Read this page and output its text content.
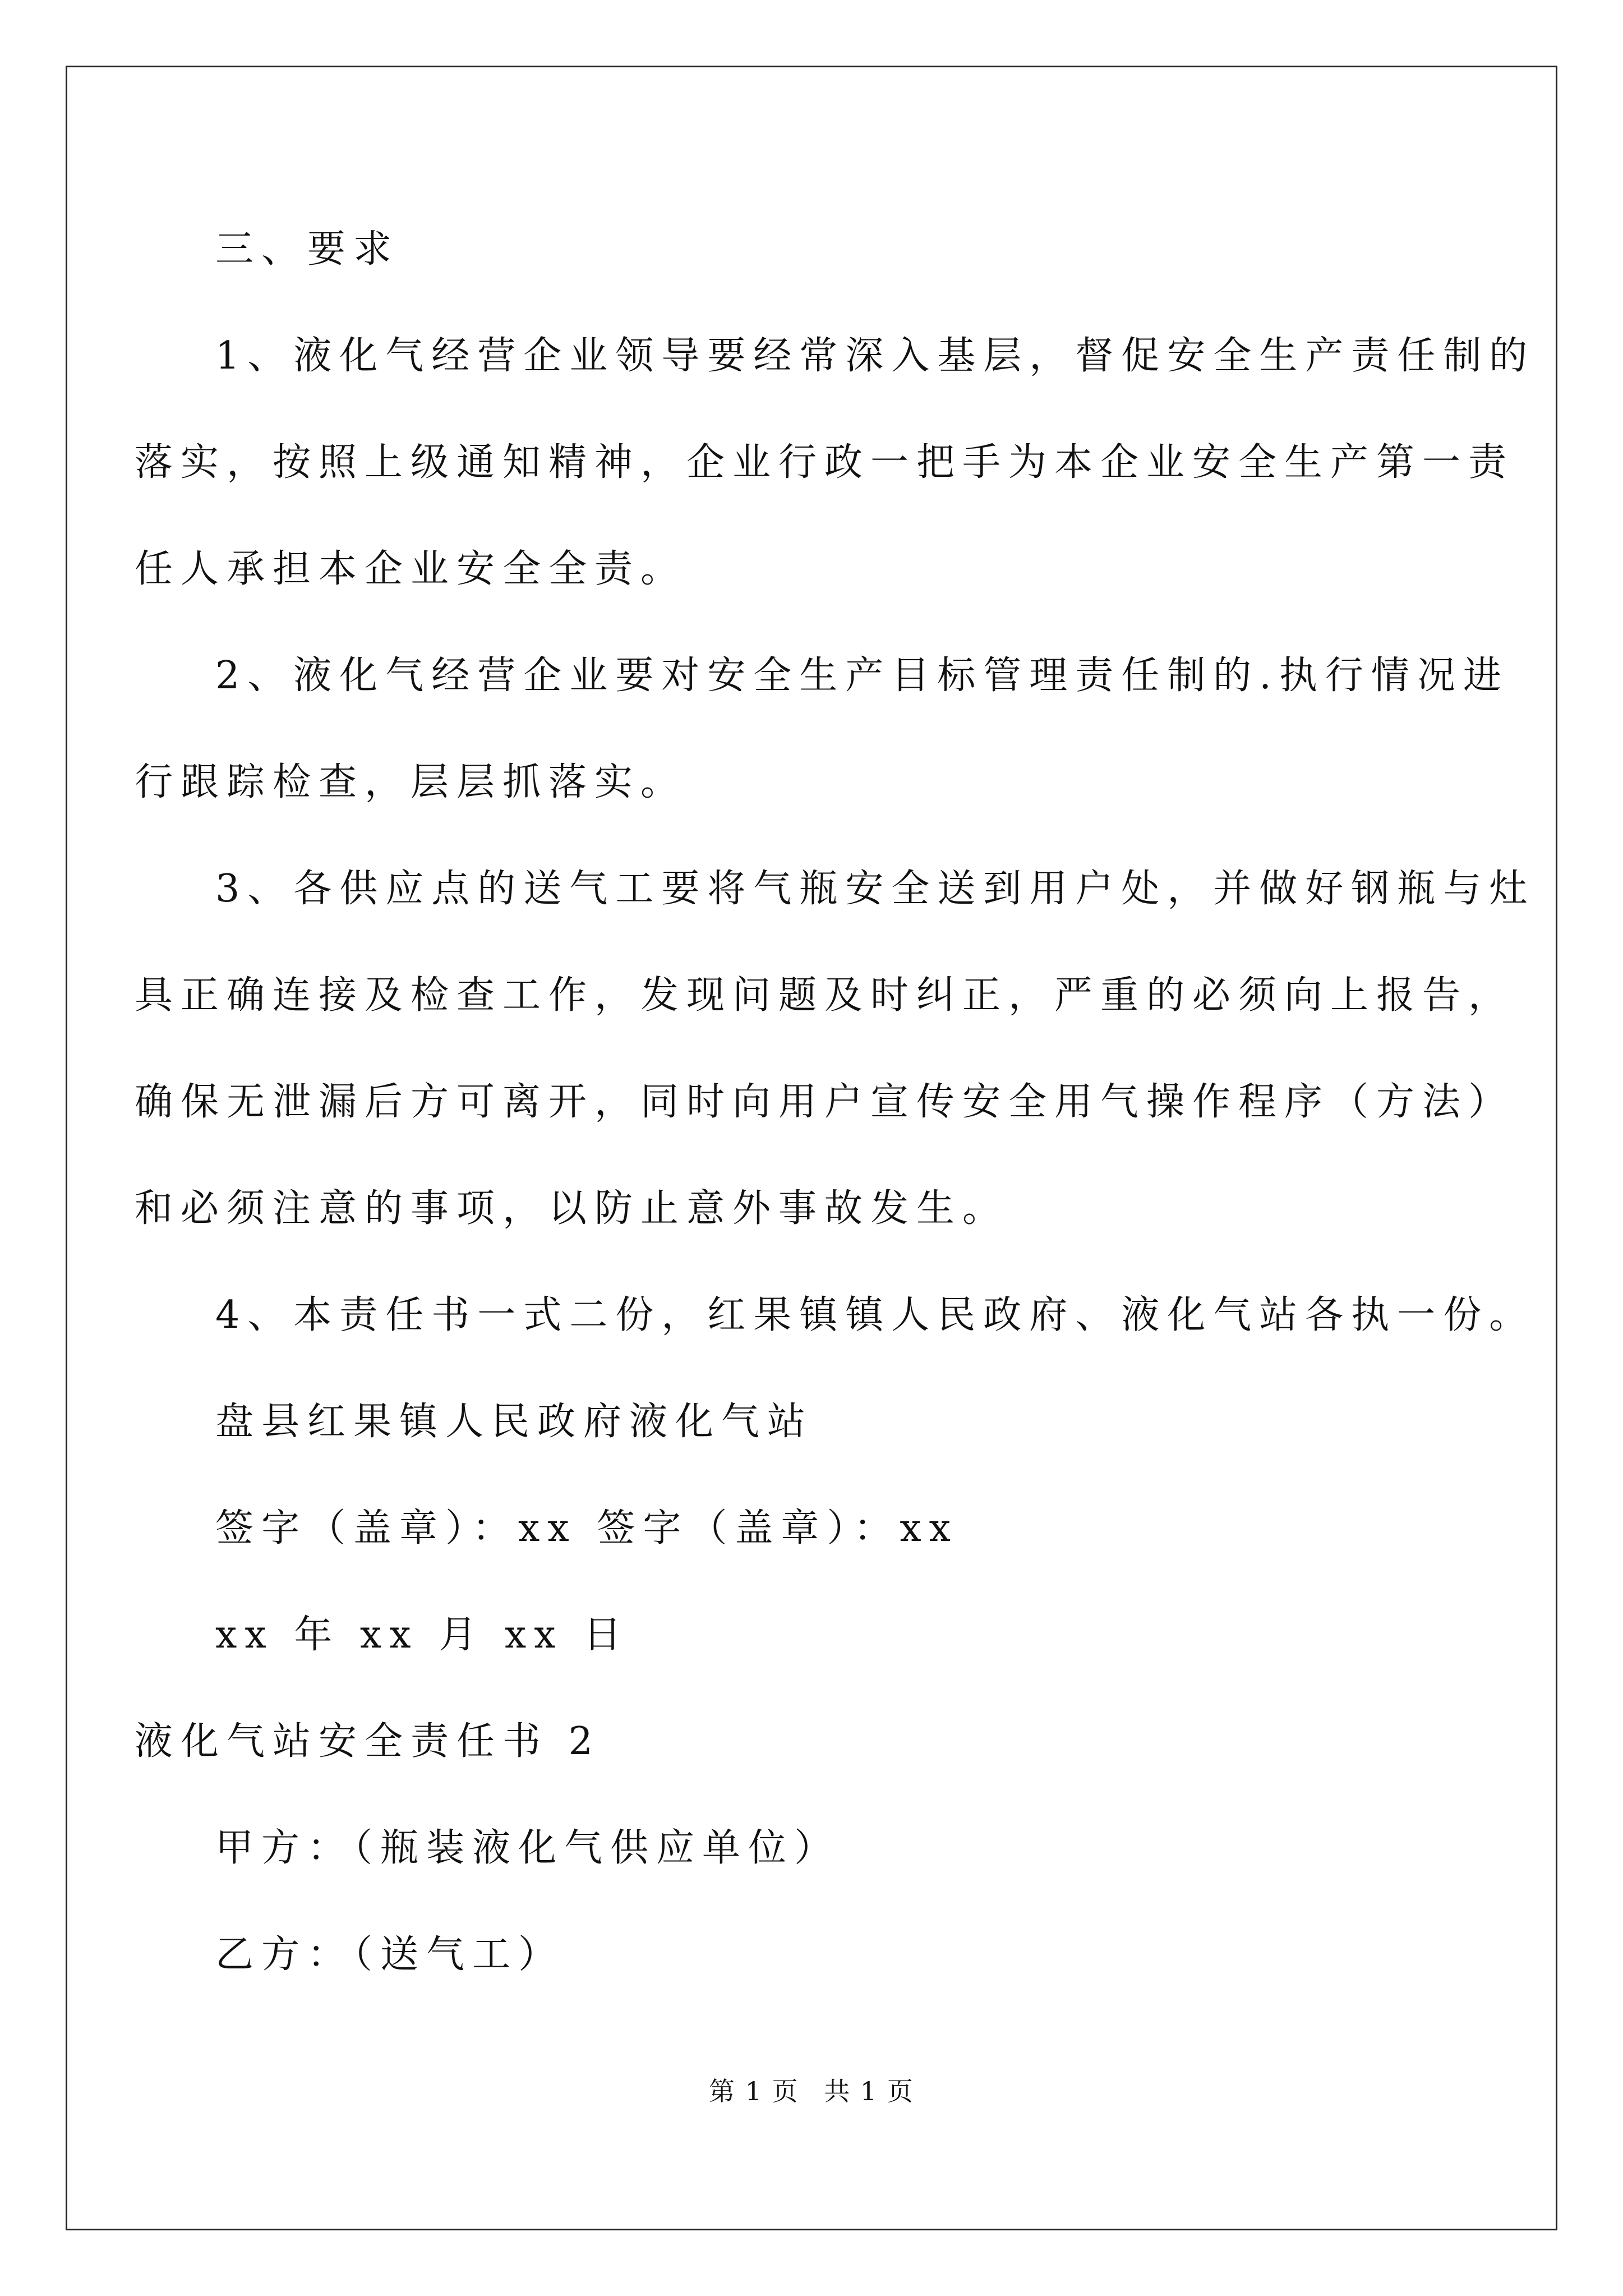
三、要求
1、液化气经营企业领导要经常深入基层，督促安全生产责任制的
落实，按照上级通知精神，企业行政一把手为本企业安全生产第一责
任人承担本企业安全全责。
2、液化气经营企业要对安全生产目标管理责任制的.执行情况进
行跟踪检查，层层抓落实。
3、各供应点的送气工要将气瓶安全送到用户处，并做好钢瓶与灶
具正确连接及检查工作，发现问题及时纠正，严重的必须向上报告，
确保无泄漏后方可离开，同时向用户宣传安全用气操作程序（方法）
和必须注意的事项，以防止意外事故发生。
4、本责任书一式二份，红果镇镇人民政府、液化气站各执一份。
盘县红果镇人民政府液化气站
签字（盖章）：xx 签字（盖章）：xx
xx 年 xx 月 xx 日
液化气站安全责任书 2
甲方：（瓶装液化气供应单位）
乙方：（送气工）
第 1 页 共 1 页
